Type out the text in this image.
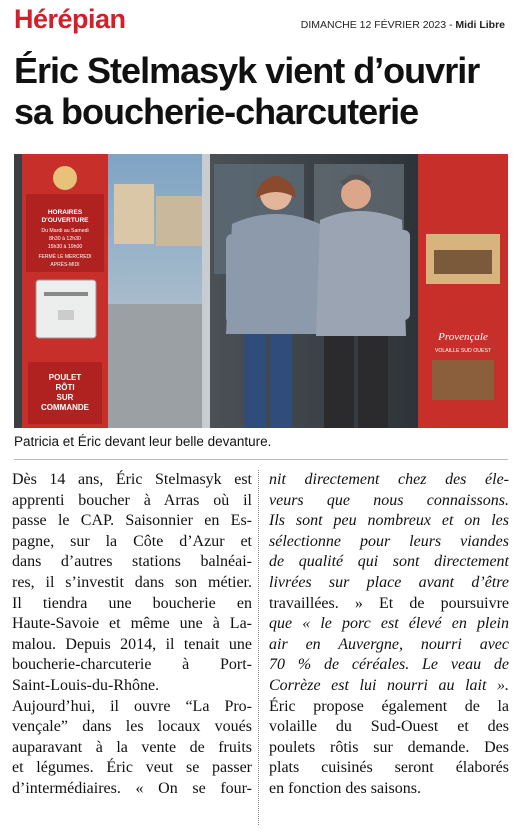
Hérépian	DIMANCHE 12 FÉVRIER 2023 - Midi Libre
Éric Stelmasyk vient d’ouvrir
sa boucherie-charcuterie
HORAIRES
D'OUVERTURE
Du Mardi au Samedi
8h30 à 12h30
15h30 à 19h00
FERMÉ LE MERCREDI
APRÈS-MIDI
POULET
RÔTI
SUR
COMMANDE
Provençale
VOLAILLE SUD OUEST
Patricia et Éric devant leur belle devanture.
Dès 14 ans, Éric Stelmasyk est
apprenti boucher à Arras où il
passe le CAP. Saisonnier en Es-
pagne, sur la Côte d’Azur et
dans d’autres stations balnéai-
res, il s’investit dans son métier.
Il tiendra une boucherie en
Haute-Savoie et même une à La-
malou. Depuis 2014, il tenait une
boucherie-charcuterie à Port-
Saint-Louis-du-Rhône.
Aujourd’hui, il ouvre “La Pro-
vençale” dans les locaux voués
auparavant à la vente de fruits
et légumes. Éric veut se passer
d’intermédiaires. « On se four-
nit directement chez des éle-
veurs que nous connaissons.
Ils sont peu nombreux et on les
sélectionne pour leurs viandes
de qualité qui sont directement
livrées sur place avant d’être
travaillées. » Et de poursuivre
que « le porc est élevé en plein
air en Auvergne, nourri avec
70 % de céréales. Le veau de
Corrèze est lui nourri au lait ».
Éric propose également de la
volaille du Sud-Ouest et des
poulets rôtis sur demande. Des
plats cuisinés seront élaborés
en fonction des saisons.
